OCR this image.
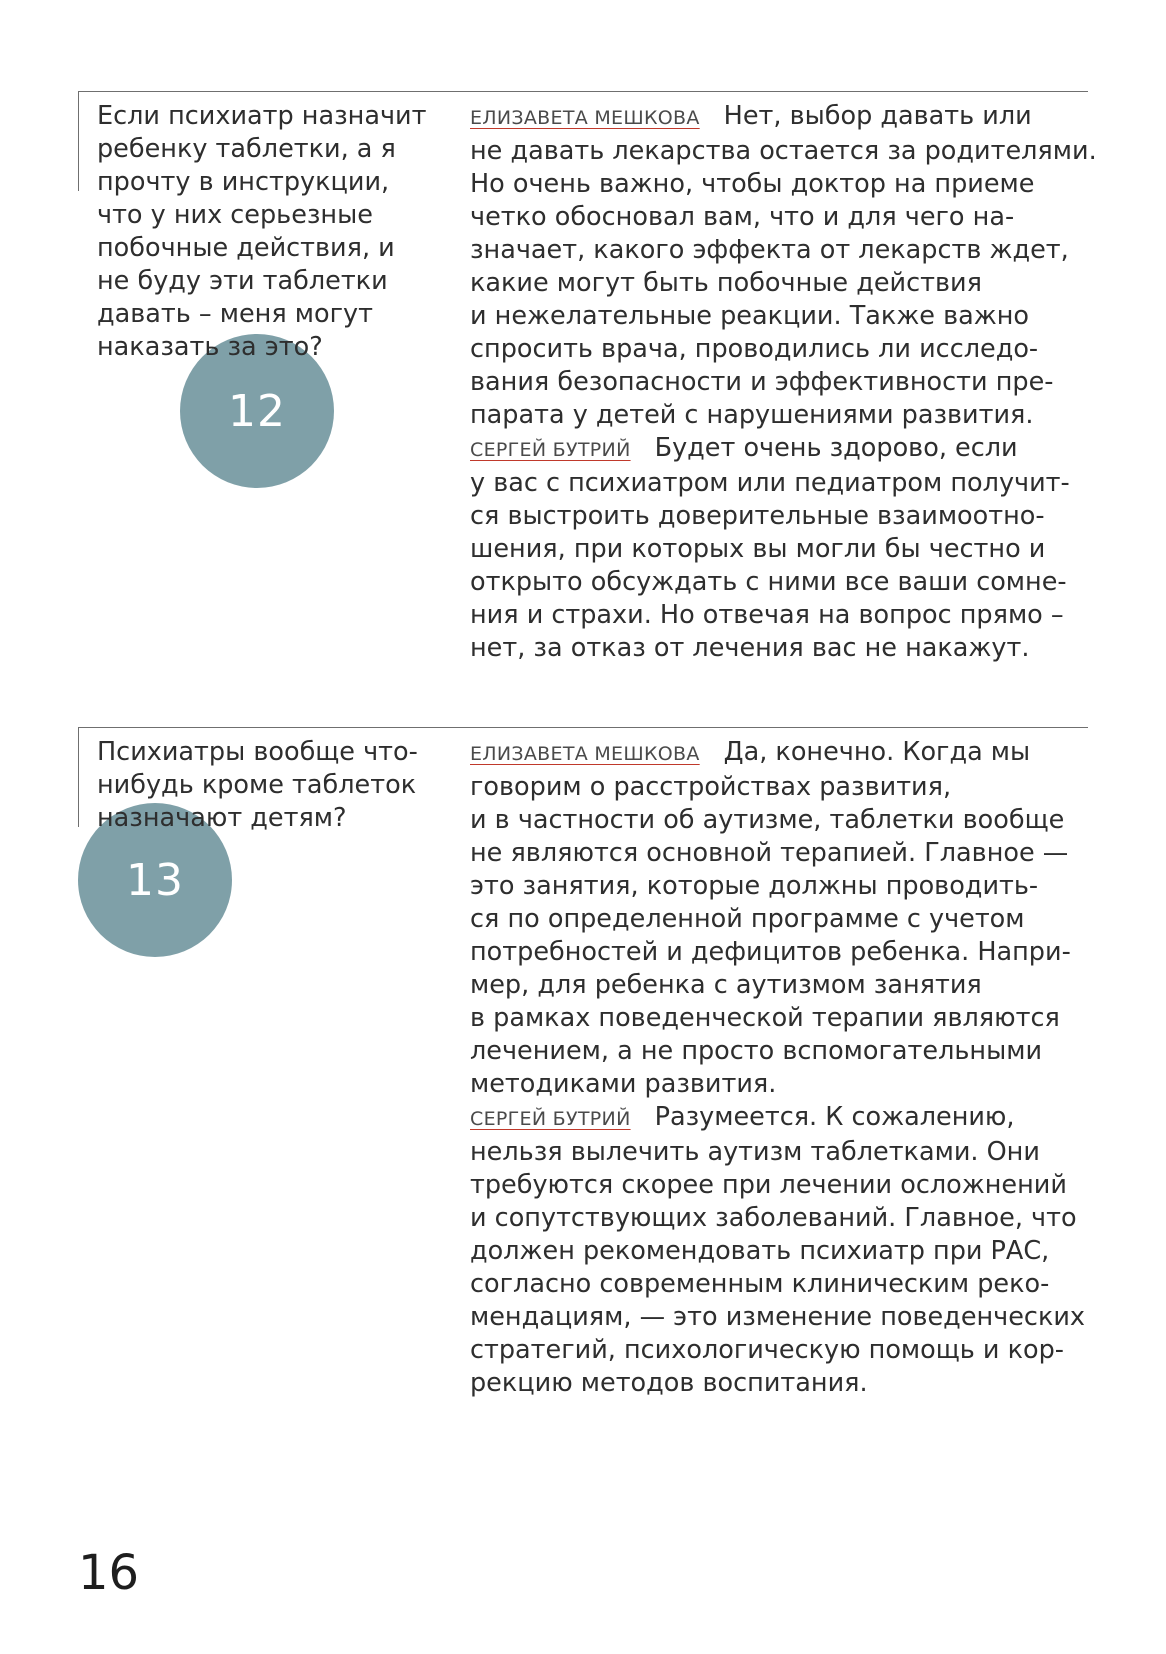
12
Если психиатр назначит
ребенку таблетки, а я
прочту в инструкции,
что у них серьезные
побочные действия, и
не буду эти таблетки
давать – меня могут
наказать за это?
ЕЛИЗАВЕТА МЕШКОВА Нет, выбор давать или
не давать лекарства остается за родителями.
Но очень важно, чтобы доктор на приеме
четко обосновал вам, что и для чего на-
значает, какого эффекта от лекарств ждет,
какие могут быть побочные действия
и нежелательные реакции. Также важно
спросить врача, проводились ли исследо-
вания безопасности и эффективности пре-
парата у детей с нарушениями развития.
СЕРГЕЙ БУТРИЙ Будет очень здорово, если
у вас с психиатром или педиатром получит-
ся выстроить доверительные взаимоотно-
шения, при которых вы могли бы честно и
открыто обсуждать с ними все ваши сомне-
ния и страхи. Но отвечая на вопрос прямо –
нет, за отказ от лечения вас не накажут.
13
Психиатры вообще что-
нибудь кроме таблеток
назначают детям?
ЕЛИЗАВЕТА МЕШКОВА Да, конечно. Когда мы
говорим о расстройствах развития,
и в частности об аутизме, таблетки вообще
не являются основной терапией. Главное —
это занятия, которые должны проводить-
ся по определенной программе с учетом
потребностей и дефицитов ребенка. Напри-
мер, для ребенка с аутизмом занятия
в рамках поведенческой терапии являются
лечением, а не просто вспомогательными
методиками развития.
СЕРГЕЙ БУТРИЙ Разумеется. К сожалению,
нельзя вылечить аутизм таблетками. Они
требуются скорее при лечении осложнений
и сопутствующих заболеваний. Главное, что
должен рекомендовать психиатр при РАС,
согласно современным клиническим реко-
мендациям, — это изменение поведенческих
стратегий, психологическую помощь и кор-
рекцию методов воспитания.
16
